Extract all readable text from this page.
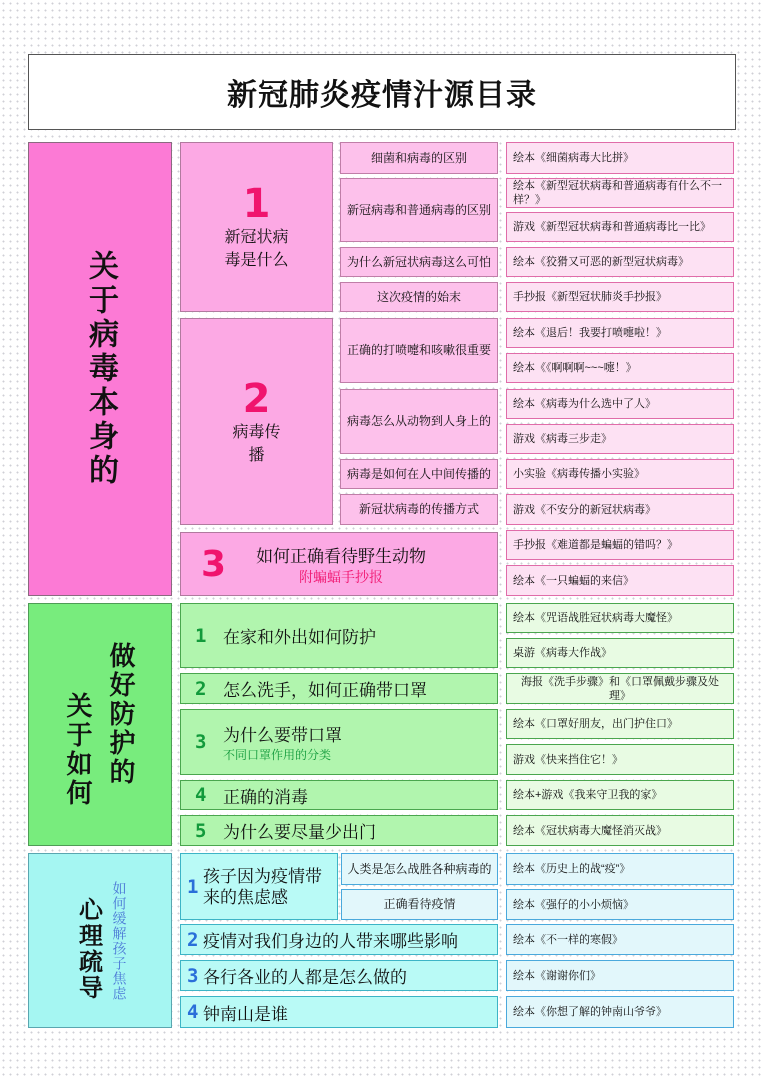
新冠肺炎疫情汁源目录
关于病毒本身的
1
新冠状病毒是什么
2
病毒传播
3 如何正确看待野生动物
附蝙蝠手抄报
细菌和病毒的区别
新冠病毒和普通病毒的区别
为什么新冠状病毒这么可怕
这次疫情的始末
正确的打喷嚏和咳嗽很重要
病毒怎么从动物到人身上的
病毒是如何在人中间传播的
新冠状病毒的传播方式
绘本《细菌病毒大比拼》
绘本《新型冠状病毒和普通病毒有什么不一样？》
游戏《新型冠状病毒和普通病毒比一比》
绘本《狡猾又可恶的新型冠状病毒》
手抄报《新型冠状肺炎手抄报》
绘本《退后！我要打喷嚏啦！》
绘本《《啊啊啊~~~嚏！》
绘本《病毒为什么选中了人》
游戏《病毒三步走》
小实验《病毒传播小实验》
游戏《不安分的新冠状病毒》
手抄报《难道都是蝙蝠的错吗？》
绘本《一只蝙蝠的来信》
关于如何 做好防护的
1 在家和外出如何防护
2 怎么洗手，如何正确带口罩
3 为什么要带口罩
不同口罩作用的分类
4 正确的消毒
5 为什么要尽量少出门
绘本《咒语战胜冠状病毒大魔怪》
桌游《病毒大作战》
海报《洗手步骤》和《口罩佩戴步骤及处理》
绘本《口罩好朋友，出门护住口》
游戏《快来挡住它！》
绘本+游戏《我来守卫我的家》
绘本《冠状病毒大魔怪消灭战》
心理疏导 如何缓解孩子焦虑	1 孩子因为疫情带来的焦虑感
人类是怎么战胜各种病毒的
正确看待疫情
2 疫情对我们身边的人带来哪些影响
3 各行各业的人都是怎么做的
4 钟南山是谁
绘本《历史上的战“疫”》
绘本《强仔的小小烦恼》
绘本《不一样的寒假》
绘本《谢谢你们》
绘本《你想了解的钟南山爷爷》
